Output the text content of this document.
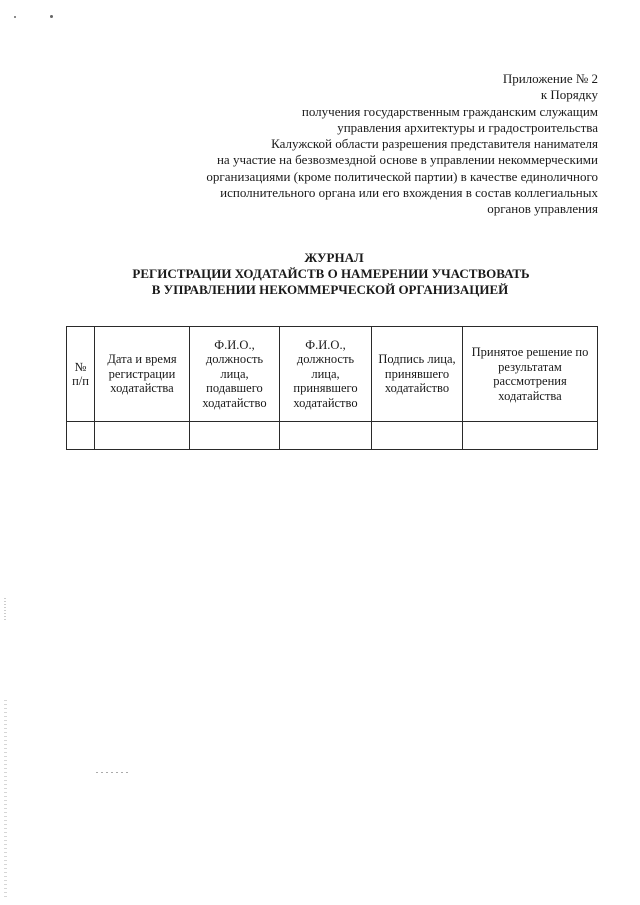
Приложение № 2
к Порядку
получения государственным гражданским служащим
управления архитектуры и градостроительства
Калужской области разрешения представителя нанимателя
на участие на безвозмездной основе в управлении некоммерческими
организациями (кроме политической партии) в качестве единоличного
исполнительного органа или его вхождения в состав коллегиальных
органов управления
ЖУРНАЛ
РЕГИСТРАЦИИ ХОДАТАЙСТВ О НАМЕРЕНИИ УЧАСТВОВАТЬ
В УПРАВЛЕНИИ НЕКОММЕРЧЕСКОЙ ОРГАНИЗАЦИЕЙ
№ п/п	Дата и время регистрации ходатайства	Ф.И.О., должность лица, подавшего ходатайство	Ф.И.О., должность лица, принявшего ходатайство	Подпись лица, принявшего ходатайство	Принятое решение по результатам рассмотрения ходатайства
